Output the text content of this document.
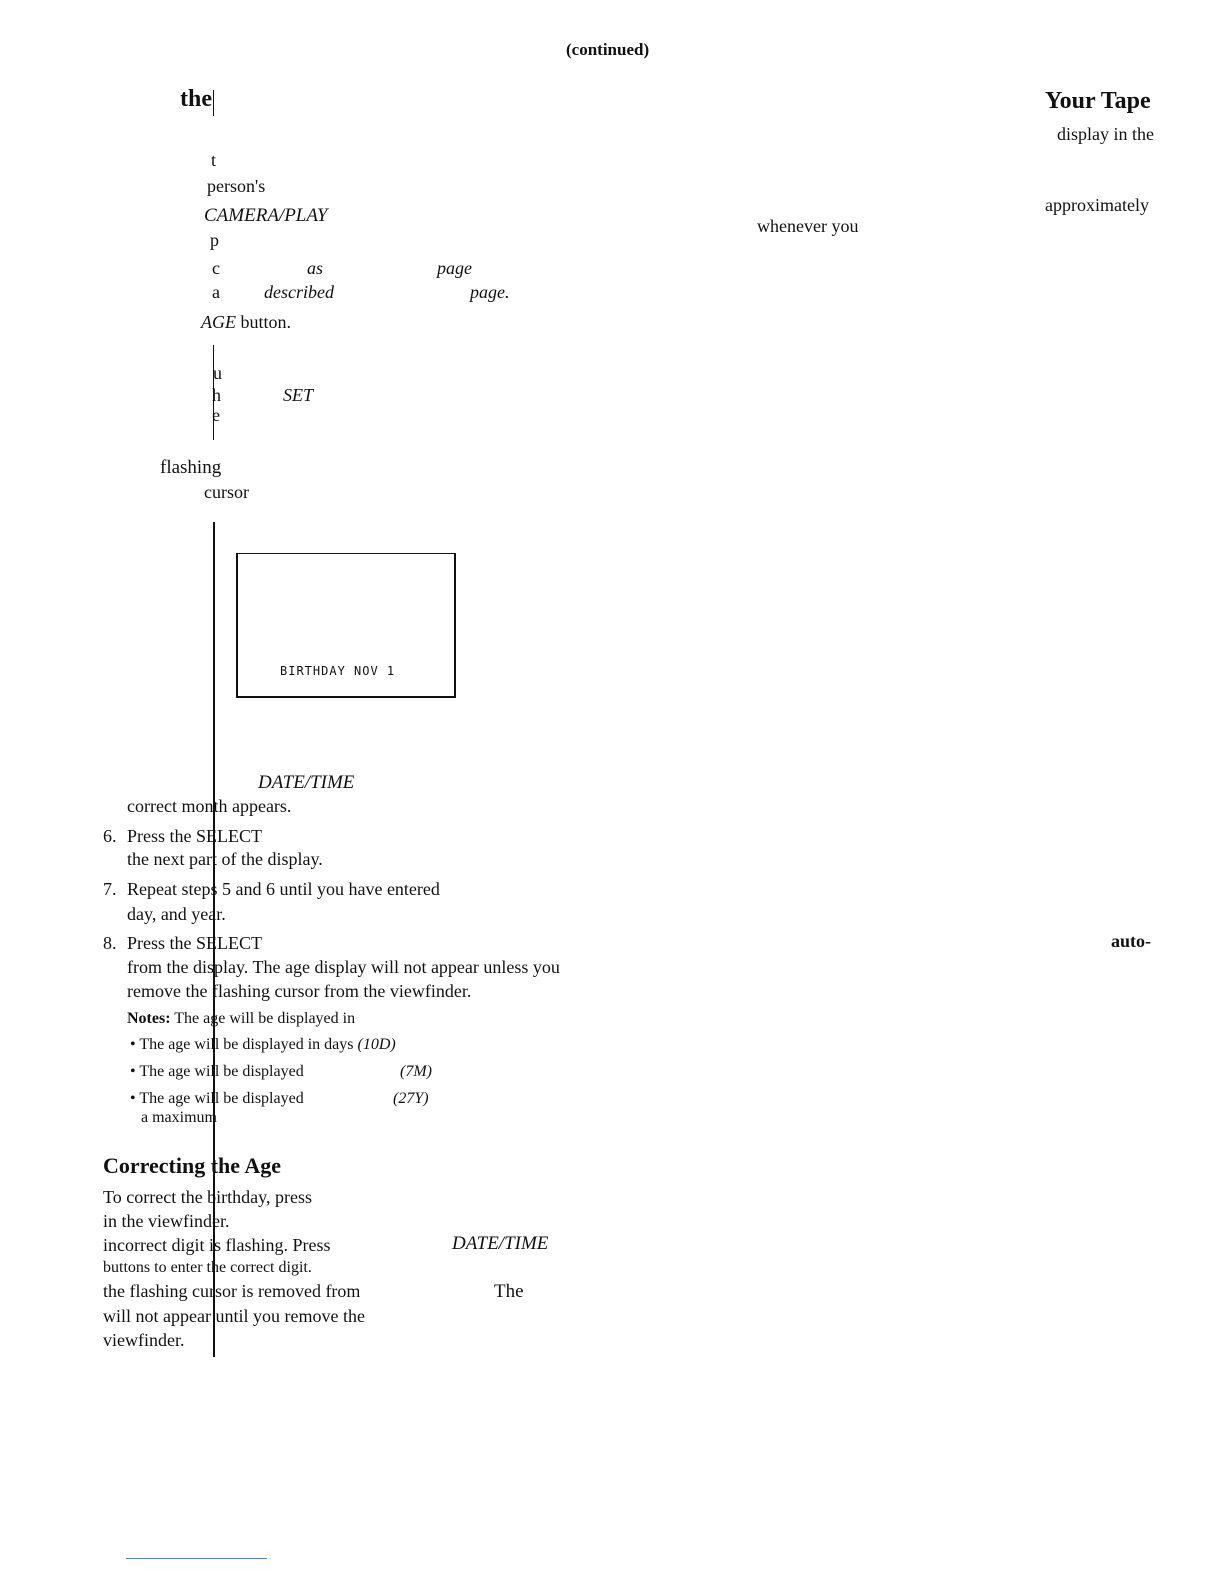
(continued)
the
t
person's
CAMERA/PLAY
p
c	as	page
a described	page.
AGE button.
u
h	SET
e
flashing
cursor
BIRTHDAY NOV 1
DATE/TIME
correct month appears.
6. Press the SELECT
the next part of the display.
7. Repeat steps 5 and 6 until you have entered
day, and year.
8. Press the SELECT
from the display. The age display will not appear unless you
remove the flashing cursor from the viewfinder.
Notes: The age will be displayed in
• The age will be displayed in days (10D)
• The age will be displayed	(7M)
• The age will be displayed	(27Y)
a maximum
Correcting the Age
To correct the birthday, press
in the viewfinder.
incorrect digit is flashing. Press	DATE/TIME
buttons to enter the correct digit.
the flashing cursor is removed from	The
will not appear until you remove the
viewfinder.
Your Tape
display in the
approximately
whenever you
auto-
